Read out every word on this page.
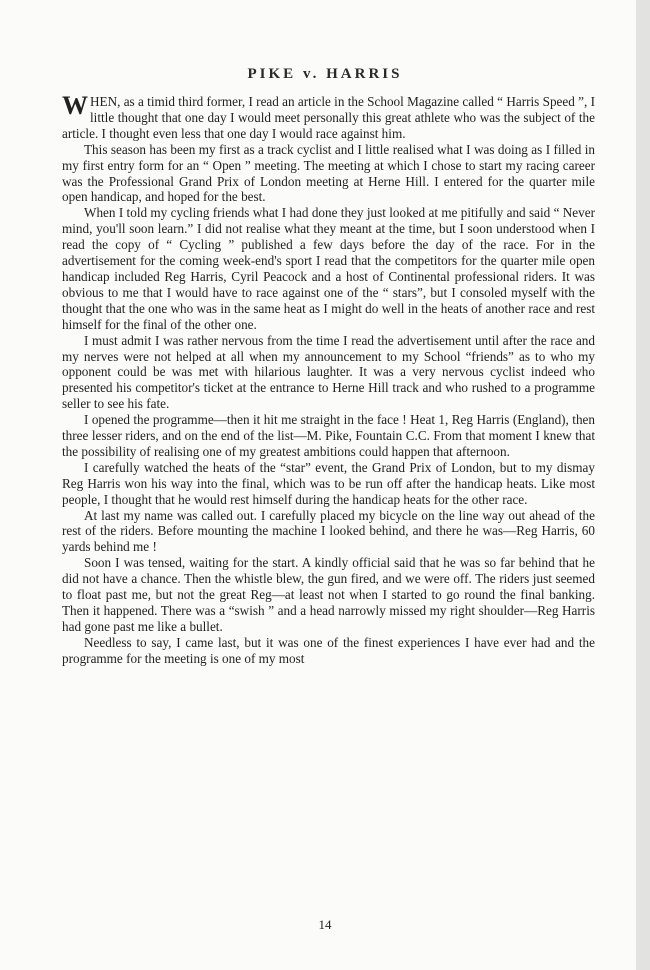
PIKE v. HARRIS

WHEN, as a timid third former, I read an article in the School Magazine called “ Harris Speed ”, I little thought that one day I would meet personally this great athlete who was the subject of the article. I thought even less that one day I would race against him.

This season has been my first as a track cyclist and I little realised what I was doing as I filled in my first entry form for an “ Open ” meeting. The meeting at which I chose to start my racing career was the Professional Grand Prix of London meeting at Herne Hill. I entered for the quarter mile open handicap, and hoped for the best.

When I told my cycling friends what I had done they just looked at me pitifully and said “ Never mind, you'll soon learn.” I did not realise what they meant at the time, but I soon understood when I read the copy of “ Cycling ” published a few days before the day of the race. For in the advertisement for the coming week-end's sport I read that the competitors for the quarter mile open handicap included Reg Harris, Cyril Peacock and a host of Continental professional riders. It was obvious to me that I would have to race against one of the “ stars”, but I consoled myself with the thought that the one who was in the same heat as I might do well in the heats of another race and rest himself for the final of the other one.

I must admit I was rather nervous from the time I read the advertisement until after the race and my nerves were not helped at all when my announcement to my School “friends” as to who my opponent could be was met with hilarious laughter. It was a very nervous cyclist indeed who presented his competitor's ticket at the entrance to Herne Hill track and who rushed to a programme seller to see his fate.

I opened the programme—then it hit me straight in the face ! Heat 1, Reg Harris (England), then three lesser riders, and on the end of the list—M. Pike, Fountain C.C. From that moment I knew that the possibility of realising one of my greatest ambitions could happen that afternoon.

I carefully watched the heats of the “star” event, the Grand Prix of London, but to my dismay Reg Harris won his way into the final, which was to be run off after the handicap heats. Like most people, I thought that he would rest himself during the handicap heats for the other race.

At last my name was called out. I carefully placed my bicycle on the line way out ahead of the rest of the riders. Before mounting the machine I looked behind, and there he was—Reg Harris, 60 yards behind me !

Soon I was tensed, waiting for the start. A kindly official said that he was so far behind that he did not have a chance. Then the whistle blew, the gun fired, and we were off. The riders just seemed to float past me, but not the great Reg—at least not when I started to go round the final banking. Then it happened. There was a “swish ” and a head narrowly missed my right shoulder—Reg Harris had gone past me like a bullet.

Needless to say, I came last, but it was one of the finest experiences I have ever had and the programme for the meeting is one of my most

14
